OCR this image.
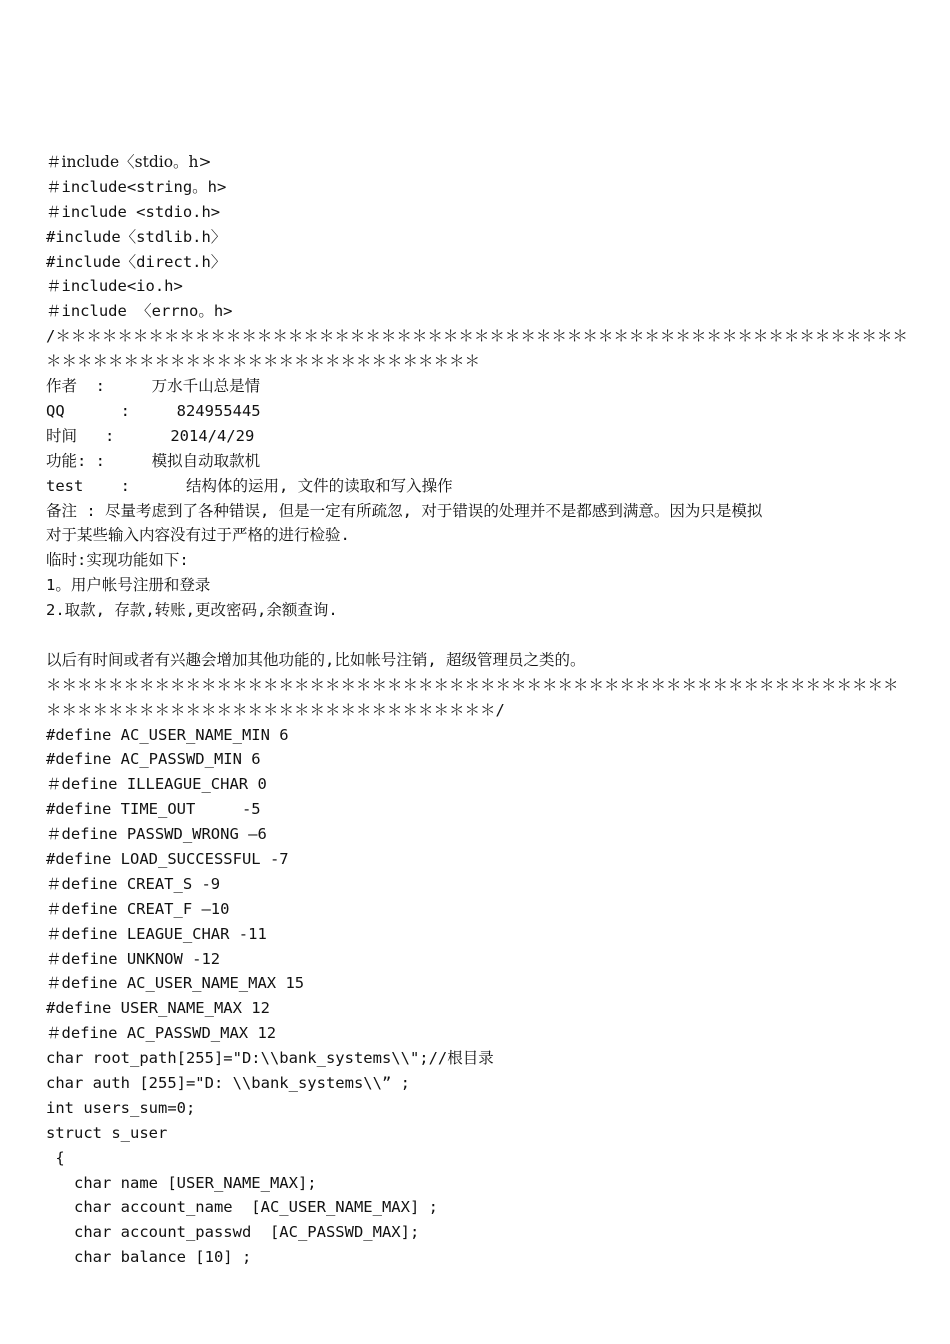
＃include〈stdio。h>
＃include<string。h>
＃include <stdio.h>
#include〈stdlib.h〉
#include〈direct.h〉
＃include<io.h>
＃include 〈errno。h>
/＊＊＊＊＊＊＊＊＊＊＊＊＊＊＊＊＊＊＊＊＊＊＊＊＊＊＊＊＊＊＊＊＊＊＊＊＊＊＊＊＊＊＊＊＊＊＊＊＊＊＊＊＊＊＊＊＊＊＊＊＊＊＊＊＊＊＊＊＊＊＊＊＊＊＊＊＊＊＊＊＊＊＊
作者  :     万水千山总是情
QQ      :     824955445
时间   :      2014/4/29
功能: :     模拟自动取款机
test    :      结构体的运用, 文件的读取和写入操作
备注 : 尽量考虑到了各种错误, 但是一定有所疏忽, 对于错误的处理并不是都感到满意。因为只是模拟
对于某些输入内容没有过于严格的进行检验.
临时:实现功能如下:
1。用户帐号注册和登录
2.取款, 存款,转账,更改密码,余额查询.
以后有时间或者有兴趣会增加其他功能的,比如帐号注销, 超级管理员之类的。
＊＊＊＊＊＊＊＊＊＊＊＊＊＊＊＊＊＊＊＊＊＊＊＊＊＊＊＊＊＊＊＊＊＊＊＊＊＊＊＊＊＊＊＊＊＊＊＊＊＊＊＊＊＊＊＊＊＊＊＊＊＊＊＊＊＊＊＊＊＊＊＊＊＊＊＊＊＊＊＊＊＊＊＊/
#define AC_USER_NAME_MIN 6
#define AC_PASSWD_MIN 6
＃define ILLEAGUE_CHAR 0
#define TIME_OUT     -5
＃define PASSWD_WRONG —6
#define LOAD_SUCCESSFUL -7
＃define CREAT_S -9
＃define CREAT_F —10
＃define LEAGUE_CHAR -11
＃define UNKNOW -12
＃define AC_USER_NAME_MAX 15
#define USER_NAME_MAX 12
＃define AC_PASSWD_MAX 12
char root_path[255]="D:\\bank_systems\\";//根目录
char auth [255]="D: \\bank_systems\\” ;
int users_sum=0;
struct s_user
{
char name [USER_NAME_MAX];
char account_name  [AC_USER_NAME_MAX] ;
char account_passwd  [AC_PASSWD_MAX];
char balance [10] ;
